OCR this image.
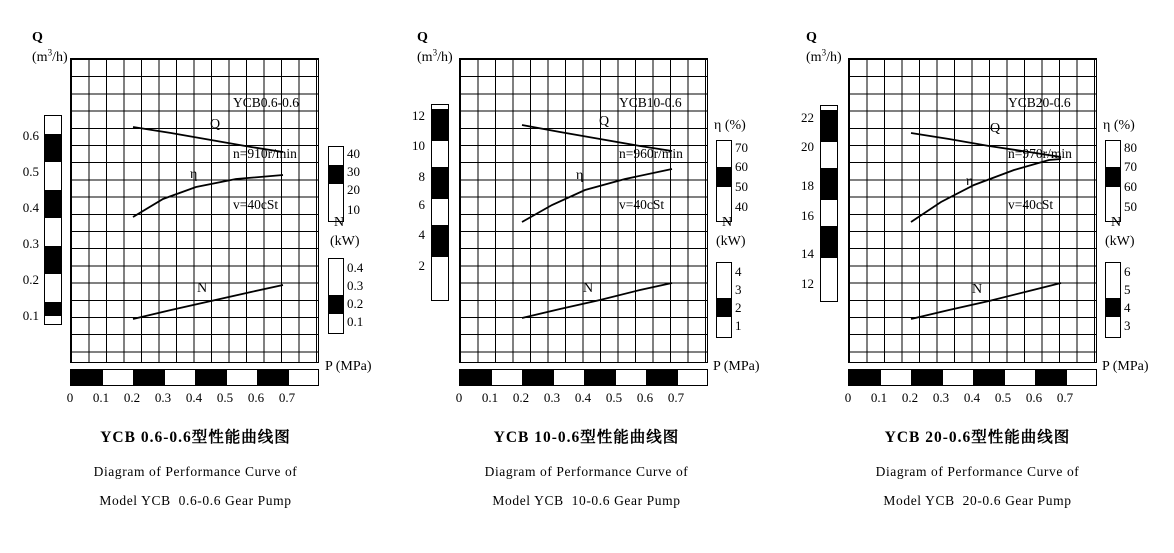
Q
$(m^3/h)$

YCB0.6-0.6

n=910r/min

v=40cSt

Q
η
N
0.6
0.5
0.4
0.3
0.2
0.1
40
30
20
10
N
(kW)
0.4
0.3
0.2
0.1
0 0.1 0.2 0.3 0.4 0.5 0.6 0.7
P (MPa)
YCB 0.6-0.6型性能曲线图
Diagram of Performance Curve of
Model YCB  0.6-0.6 Gear Pump
Q
$(m^3/h)$

YCB10-0.6

n=960r/min

v=40cSt

Q
η
N
12
10
8
6
4
2
η (%)
70
60
50
40
N
(kW)
4
3
2
1
0 0.1 0.2 0.3 0.4 0.5 0.6 0.7
P (MPa)
YCB 10-0.6型性能曲线图
Diagram of Performance Curve of
Model YCB  10-0.6 Gear Pump
Q
$(m^3/h)$

YCB20-0.6

n=970r/min

v=40cSt

Q
η
N
22
20
18
16
14
12
η (%)
80
70
60
50
N
(kW)
6
5
4
3
0 0.1 0.2 0.3 0.4 0.5 0.6 0.7
P (MPa)
YCB 20-0.6型性能曲线图
Diagram of Performance Curve of
Model YCB  20-0.6 Gear Pump
